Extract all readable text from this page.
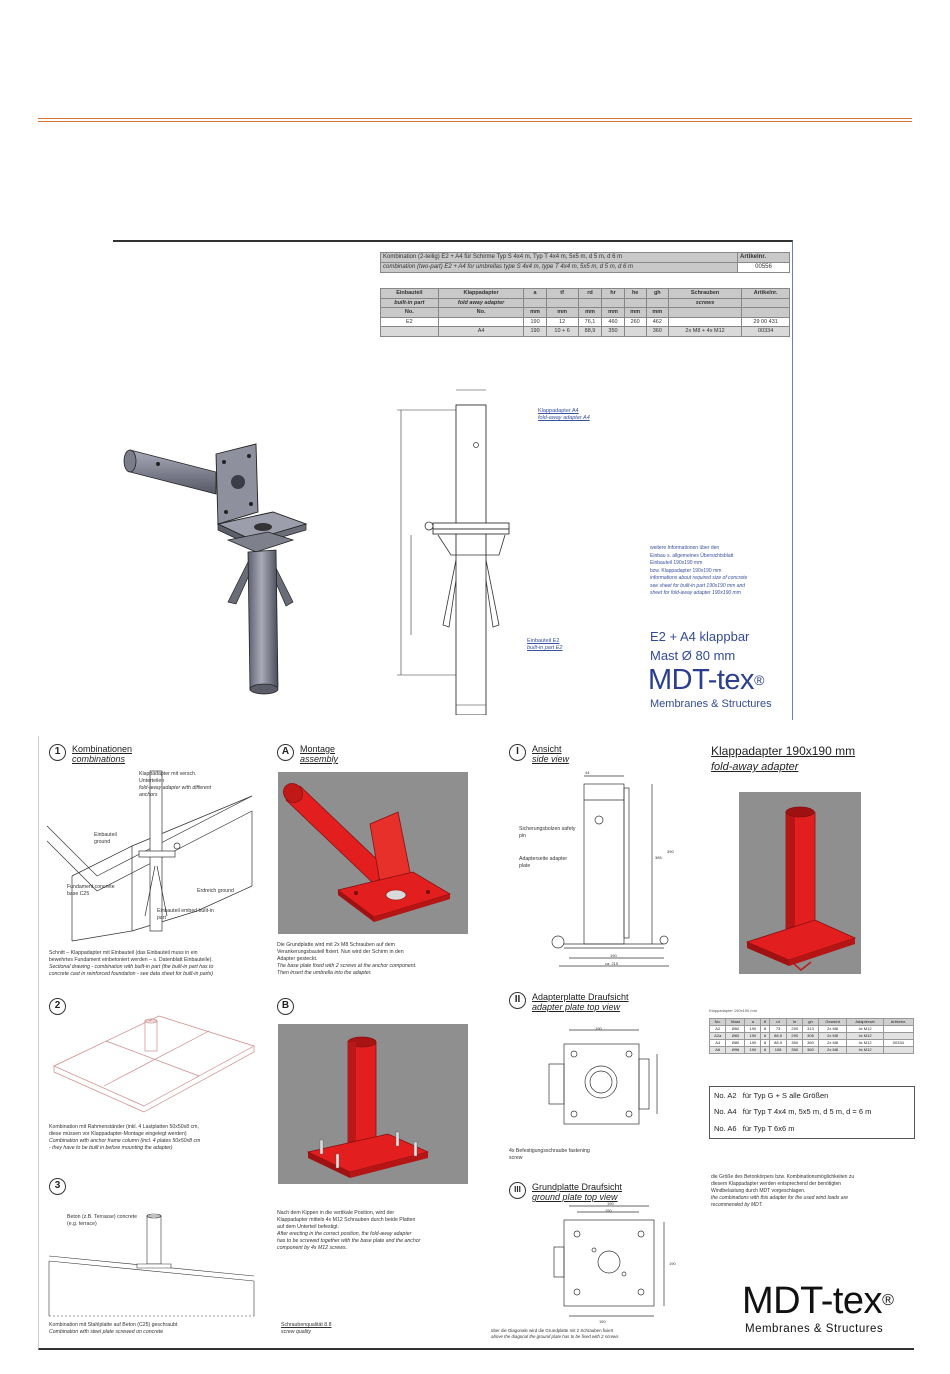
Kombination (2-teilig) E2 + A4 für Schirme Typ S 4x4 m, Typ T 4x4 m, 5x5 m, d 5 m, d 6 m	Artikelnr.
combination (two-part) E2 + A4 for umbrellas type S 4x4 m, type T 4x4 m, 5x5 m, d 5 m, d 6 m	00556
Einbauteil	Klappadapter	a	tf	rd	hr	he	gh	Schrauben	Artikelnr.
built-in part	fold away adapter							screws	
No.	No.	mm	mm	mm	mm	mm	mm		
E2		190	12	76,1	460	260	462		29 00 431
	A4	190	10 + 6	88,9	350		360	2x M8 + 4x M12	00334
Klappadapter A4
fold-away adapter A4
Einbauteil E2
built-in part E2
weitere Informationen über den
Einbau s. allgemeines Übersichtsblatt
Einbauteil 190x190 mm
bzw. Klappadapter 190x190 mm
informations about required size of concrete
see sheet for built-in part 190x190 mm and
sheet for fold-away adapter 190x190 mm
E2 + A4 klappbar
Mast Ø 80 mm
MDT-tex®
Membranes & Structures
1	Kombinationen
combinations
Klappadapter mit versch. Unterteilen
fold-away adapter with different anchors
Einbauteil ground
Fundament concrete base C25	Erdreich ground
Einbauteil embed built-in part
Schnitt – Klappadapter mit Einbauteil (das Einbauteil muss in ein
bewehrtes Fundament einbetoniert werden – s. Datenblatt Einbauteile).
Sectional drawing - combination with built-in part (the built-in part has to
concrete cast in reinforced foundation - see data sheet for built-in parts)
2
Kombination mit Rahmenständer (inkl. 4 Lastplatten 50x50x8 cm,
diese müssen vor Klappadapter-Montage eingelegt werden)
Combination with anchor frame column (incl. 4 plates 50x50x8 cm
- they have to be built in before mounting the adapter)
3
Beton (z.B. Terrasse) concrete (e.g. terrace)
Kombination mit Stahlplatte auf Beton (C25) geschraubt
Combination with steel plate screwed on concrete
A	Montage
assembly
Die Grundplatte wird mit 2x M8 Schrauben auf dem
Verankerungsbauteil fixiert. Nun wird der Schirm in den
Adapter gesteckt.
The base plate fixed with 2 screws at the anchor component.
Then insert the umbrella into the adapter.
B
Nach dem Kippen in die vertikale Position, wird der
Klappadapter mittels 4x M12 Schrauben durch beide Platten
auf dem Unterteil befestigt.
After erecting in the correct position, the fold-away adapter
has to be screwed together with the base plate and the anchor
component by 4x M12 screws.
Schraubenqualität 8.8
screw quality
I	Ansicht
side view
44
190
ca. 215
385
390
Sicherungsbolzen safety pin
Adapterseite adapter plate
II	Adapterplatte Draufsicht
adapter plate top view
190
4x Befestigungsschraube fastening screw
III	Grundplatte Draufsicht
ground plate top view
190
150
150
190
über die Diagonale wird die Grundplatte mit 2 Schrauben fixiert
above the diagonal the ground plate has to be fixed with 2 screws
Klappadapter 190x190 mm
fold-away adapter
Klappadapter 190x190 mm
No.	Mast	a	tf	rd	hr	gh	Gewicht	Adapterset	Artikelnr.
A2	Ø60	190	8	73	290	313	2x M8	4x M12	
A2a	Ø60	190	8	88,9	290	306	2x M8	4x M12	
A4	Ø80	190	8	88,9	350	360	2x M8	4x M12	00334
A6	Ø96	190	8	108	350	360	2x M8	4x M12	
No. A2 für Typ G + S alle Größen
No. A4 für Typ T 4x4 m, 5x5 m, d 5 m, d = 6 m
No. A6 für Typ T 6x6 m
die Größe des Betonkörpers bzw. Kombinationsmöglichkeiten zu
diesem Klappadapter werden entsprechend der benötigten
Windbelastung durch MDT vorgeschlagen.
the combinations with this adapter for the used wind loads are
recommended by MDT.
MDT-tex®
Membranes & Structures
